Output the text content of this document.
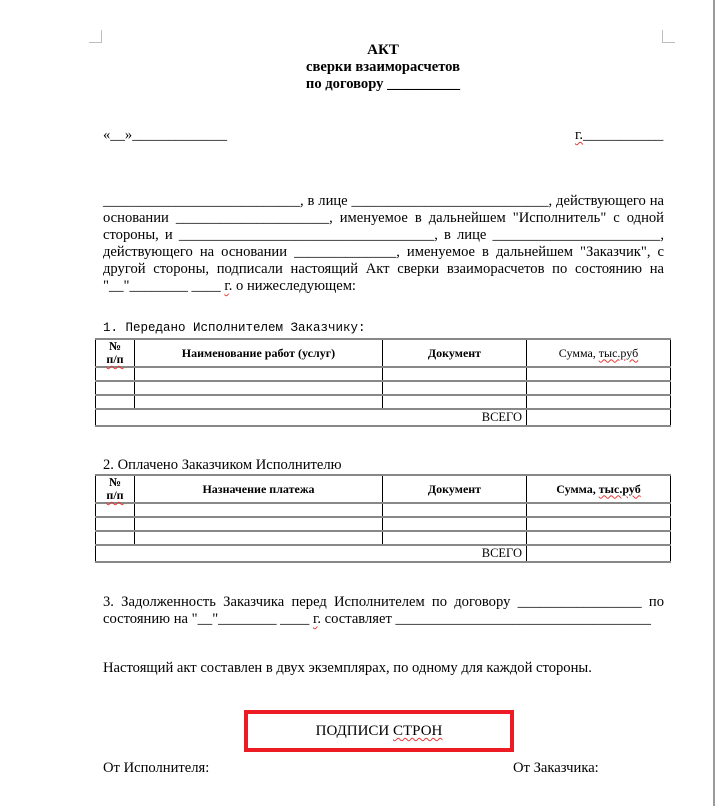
АКТ
сверки взаиморасчетов
по договору __________
«__»_____________	г.___________
___________________________, в лице ___________________________, действующего на
основании _____________________, именуемое в дальнейшем "Исполнитель" с одной
стороны, и ___________________________________, в лице _______________________,
действующего на основании ______________, именуемое в дальнейшем "Заказчик", с
другой стороны, подписали настоящий Акт сверки взаиморасчетов по состоянию на
"__"________ ____ г. о нижеследующем:
1. Передано Исполнителем Заказчику:
№
п/п	Наименование работ (услуг)	Документ	Сумма, тыс.руб

ВСЕГО			
2. Оплачено Заказчиком Исполнителю
№
п/п	Назначение платежа	Документ	Сумма, тыс.руб

ВСЕГО			
3. Задолженность Заказчика перед Исполнителем по договору _________________ по
состоянию на "__"________ ____ г. составляет ___________________________________
Настоящий акт составлен в двух экземплярах, по одному для каждой стороны.
ПОДПИСИ СТРОН
От Исполнителя:	От Заказчика:
